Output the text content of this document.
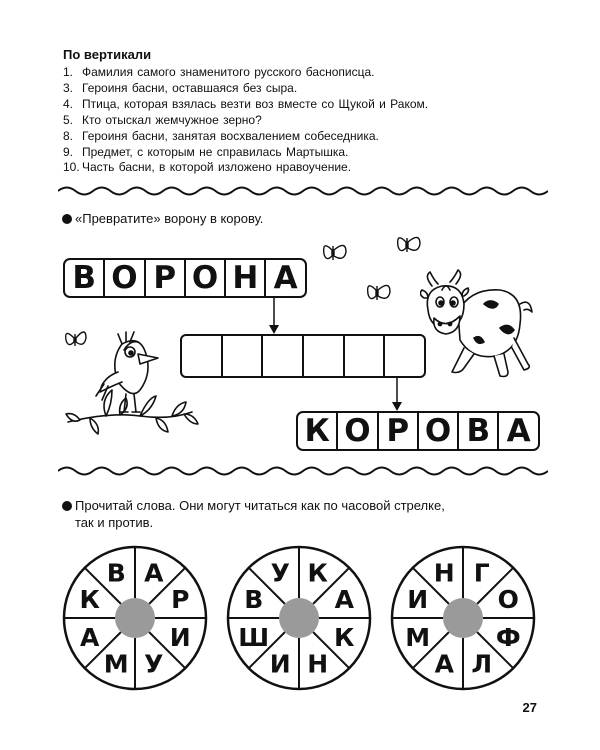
По вертикали
1. Фамилия самого знаменитого русского баснописца.
3. Героиня басни, оставшаяся без сыра.
4. Птица, которая взялась везти воз вместе со Щукой и Раком.
5. Кто отыскал жемчужное зерно?
8. Героиня басни, занятая восхвалением собеседника.
9. Предмет, с которым не справилась Мартышка.
10. Часть басни, в которой изложено нравоучение.
«Превратите» ворону в корову.
В О Р О Н А
К О Р О В А
Прочитай слова. Они могут читаться как по часовой стрелке,
так и против.
А
Р
И
У
М
А
К
В	К
А
К
Н
И
Ш
В
У	Г
О
Ф
Л
А
М
И
Н
27
